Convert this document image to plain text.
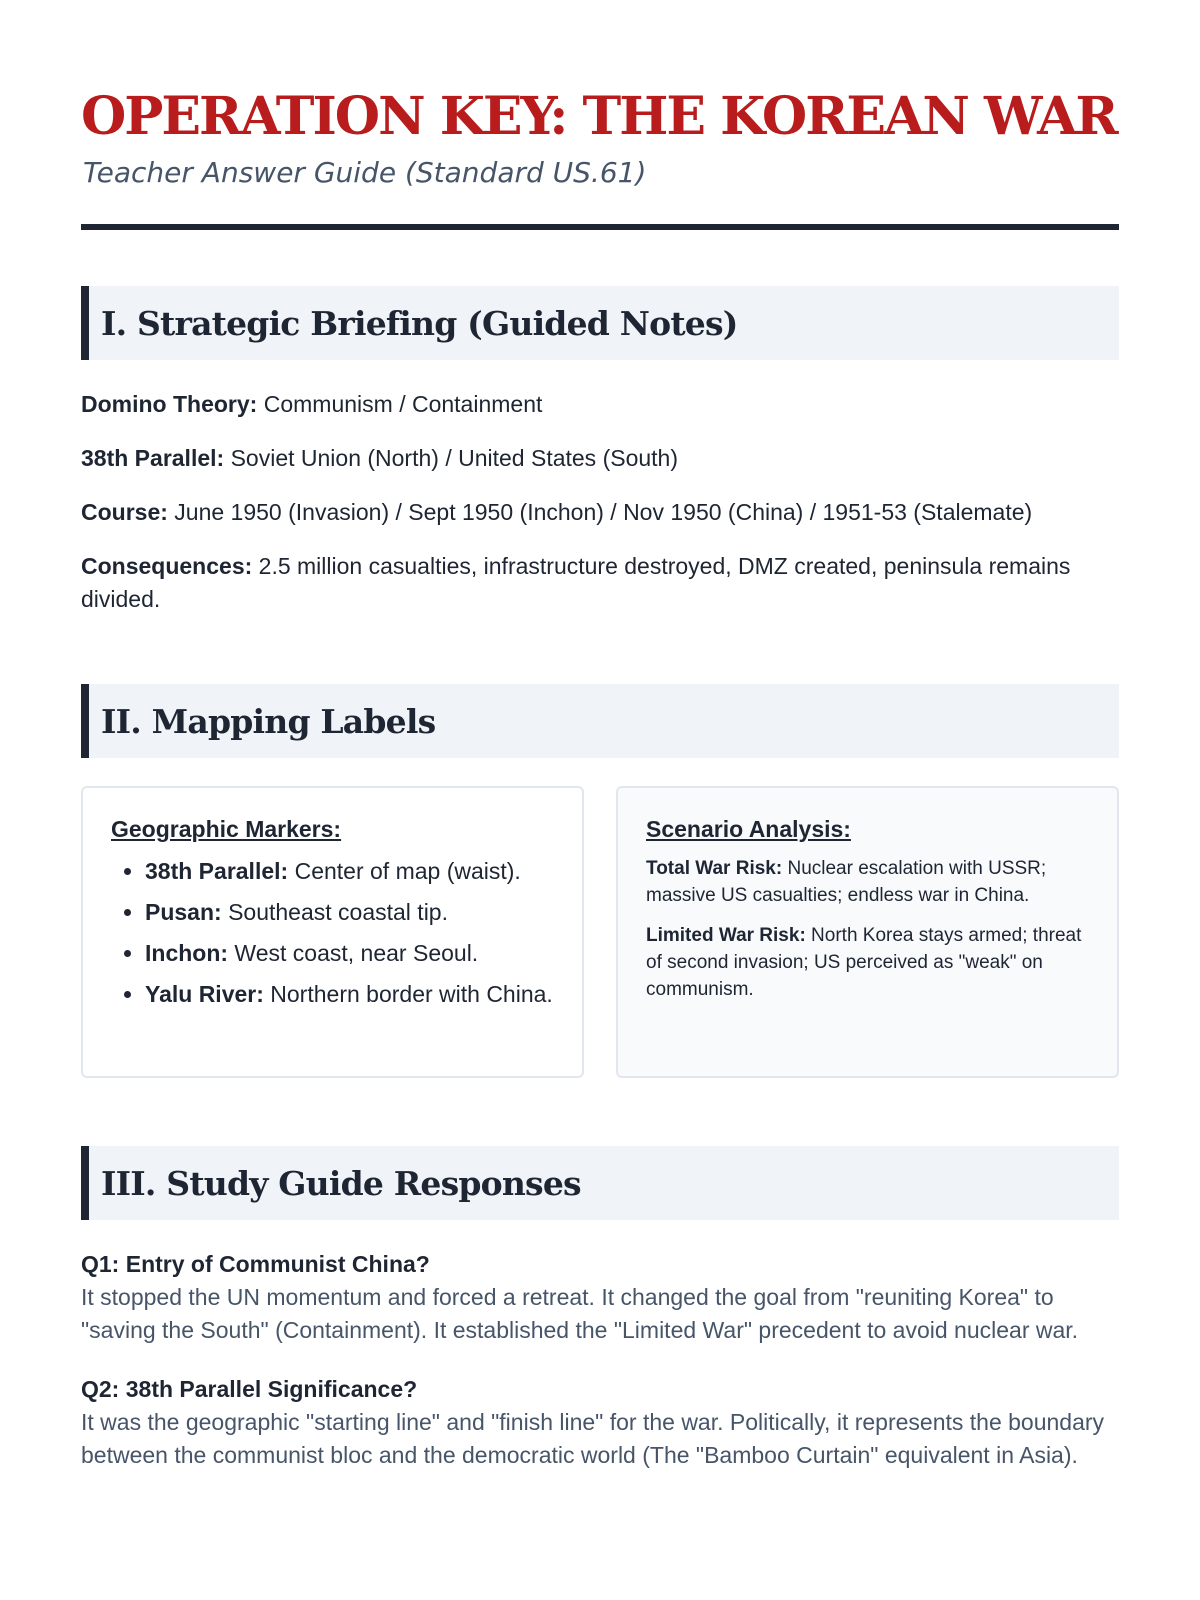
OPERATION KEY: THE KOREAN WAR
Teacher Answer Guide (Standard US.61)
I. Strategic Briefing (Guided Notes)

Domino Theory: Communism / Containment

38th Parallel: Soviet Union (North) / United States (South)

Course: June 1950 (Invasion) / Sept 1950 (Inchon) / Nov 1950 (China) / 1951-53 (Stalemate)

Consequences: 2.5 million casualties, infrastructure destroyed, DMZ created, peninsula remains divided.

II. Mapping Labels
Geographic Markers:
• 38th Parallel: Center of map (waist).
• Pusan: Southeast coastal tip.
• Inchon: West coast, near Seoul.
• Yalu River: Northern border with China.
Scenario Analysis:

Total War Risk: Nuclear escalation with USSR; massive US casualties; endless war in China.

Limited War Risk: North Korea stays armed; threat of second invasion; US perceived as "weak" on communism.

III. Study Guide Responses
Q1: Entry of Communist China?
It stopped the UN momentum and forced a retreat. It changed the goal from "reuniting Korea" to "saving the South" (Containment). It established the "Limited War" precedent to avoid nuclear war.
Q2: 38th Parallel Significance?
It was the geographic "starting line" and "finish line" for the war. Politically, it represents the boundary between the communist bloc and the democratic world (The "Bamboo Curtain" equivalent in Asia).
